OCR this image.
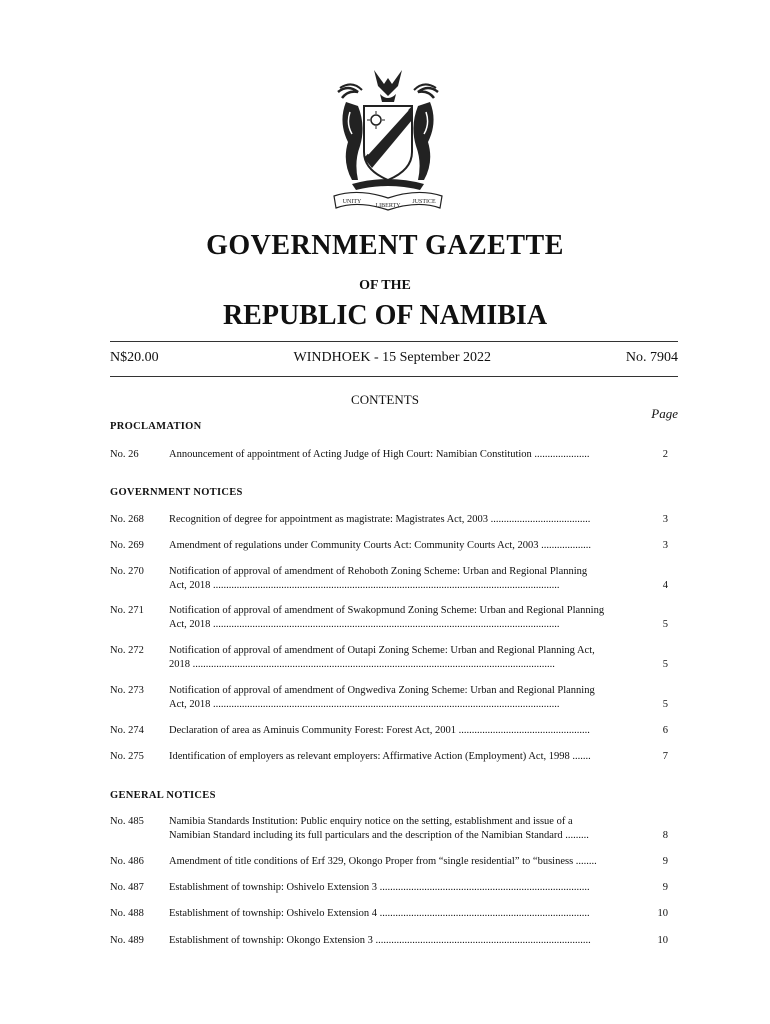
UNITY
LIBERTY
JUSTICE
GOVERNMENT GAZETTE
OF THE
REPUBLIC OF NAMIBIA
N$20.00	WINDHOEK - 15 September 2022	No. 7904
CONTENTS
Page
PROCLAMATION
No. 26	Announcement of appointment of Acting Judge of High Court: Namibian Constitution .....................	2
GOVERNMENT NOTICES
No. 268 Recognition of degree for appointment as magistrate: Magistrates Act, 2003 ......................................	3
No. 269 Amendment of regulations under Community Courts Act: Community Courts Act, 2003 ...................	3
No. 270 Notification of approval of amendment of Rehoboth Zoning Scheme: Urban and Regional Planning
Act, 2018 ....................................................................................................................................	4
No. 271 Notification of approval of amendment of Swakopmund Zoning Scheme: Urban and Regional Planning
Act, 2018 ....................................................................................................................................	5
No. 272 Notification of approval of amendment of Outapi Zoning Scheme: Urban and Regional Planning Act,
2018 ..........................................................................................................................................	5
No. 273 Notification of approval of amendment of Ongwediva Zoning Scheme: Urban and Regional Planning
Act, 2018 ....................................................................................................................................	5
No. 274 Declaration of area as Aminuis Community Forest: Forest Act, 2001 ..................................................	6
No. 275 Identification of employers as relevant employers: Affirmative Action (Employment) Act, 1998 .......	7
GENERAL NOTICES
No. 485 Namibia Standards Institution: Public enquiry notice on the setting, establishment and issue of a
Namibian Standard including its full particulars and the description of the Namibian Standard .........	8
No. 486 Amendment of title conditions of Erf 329, Okongo Proper from “single residential” to “business ........	9
No. 487 Establishment of township: Oshivelo Extension 3 ................................................................................	9
No. 488 Establishment of township: Oshivelo Extension 4 ................................................................................	10
No. 489 Establishment of township: Okongo Extension 3 ..................................................................................	10
